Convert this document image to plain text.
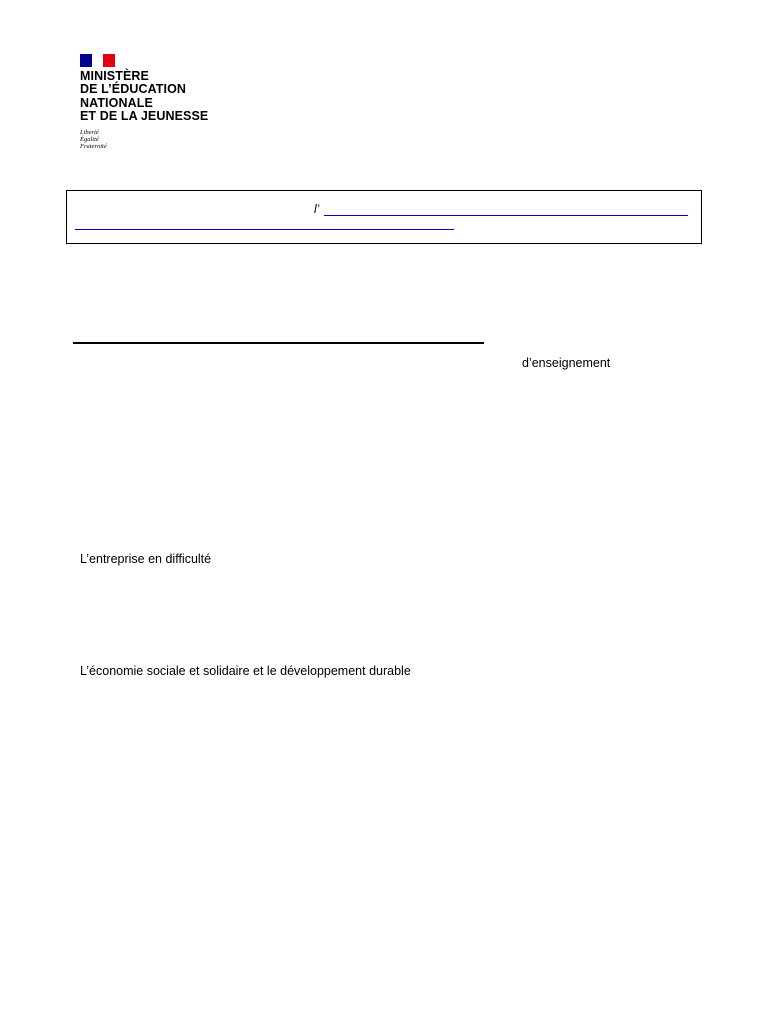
MINISTÈRE
DE L’ÉDUCATION
NATIONALE
ET DE LA JEUNESSE
Liberté
Égalité
Fraternité
l’
d’enseignement
L’entreprise en difficulté
L’économie sociale et solidaire et le développement durable
